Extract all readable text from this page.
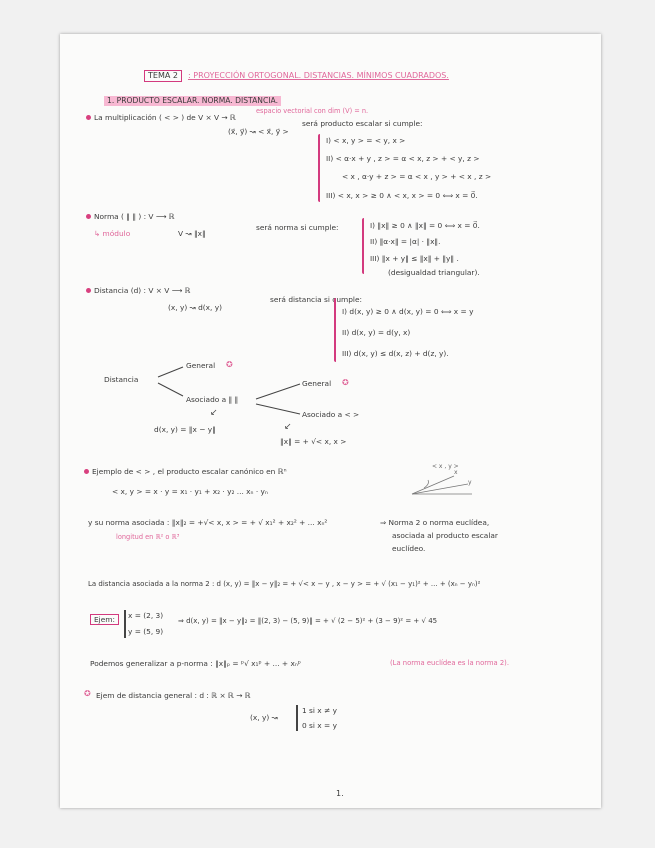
TEMA 2	: PROYECCIÓN ORTOGONAL. DISTANCIAS. MÍNIMOS CUADRADOS.
1. PRODUCTO ESCALAR. NORMA. DISTANCIA.
La multiplicación ( < > ) de V × V → ℝ
espacio vectorial con dim (V) = n.
(x⃗, y⃗) ↝ < x⃗, y⃗ >
será producto escalar si cumple:
I) < x, y > = < y, x >
II) < α·x + y , z > = α < x, z > + < y, z >
< x , α·y + z > = α < x , y > + < x , z >
III) < x, x > ≥ 0 ∧ < x, x > = 0 ⟺ x = 0⃗.
Norma ( ‖ ‖ ) : V ⟶ ℝ
↳ módulo	V ↝ ‖x‖
será norma si cumple:	I) ‖x‖ ≥ 0 ∧ ‖x‖ = 0 ⟺ x = 0⃗.
II) ‖α·x‖ = |α| · ‖x‖.
III) ‖x + y‖ ≤ ‖x‖ + ‖y‖ .
(desigualdad triangular).
Distancia (d) : V × V ⟶ ℝ
(x, y) ↝ d(x, y)
será distancia si cumple:
I) d(x, y) ≥ 0 ∧ d(x, y) = 0 ⟺ x = y
II) d(x, y) = d(y, x)
III) d(x, y) ≤ d(x, z) + d(z, y).
Distancia
General ✪
Asociado a ‖ ‖
↙
d(x, y) = ‖x − y‖
General ✪
Asociado a < >
↙
‖x‖ = + √< x, x >
Ejemplo de < > , el producto escalar canónico en ℝⁿ
< x, y > = x · y = x₁ · y₁ + x₂ · y₂ ... xₙ · yₙ
< x , y >
x
y
y su norma asociada : ‖x‖₂ = +√< x, x > = + √ x₁² + x₂² + ... xₙ²
longitud en ℝ² o ℝ³
⇒ Norma 2 o norma euclídea,
asociada al producto escalar
euclídeo.
La distancia asociada a la norma 2 : d (x, y) = ‖x − y‖₂ = + √< x − y , x − y > = + √ (x₁ − y₁)² + ... + (xₙ − yₙ)²
Ejem:	x = (2, 3)
y = (5, 9)
⇒ d(x, y) = ‖x − y‖₂ = ‖(2, 3) − (5, 9)‖ = + √ (2 − 5)² + (3 − 9)² = + √ 45
Podemos generalizar a p-norma : ‖x‖ₚ = ᵖ√ x₁ᵖ + ... + xₙᵖ	(La norma euclídea es la norma 2).
✪ Ejem de distancia general : d : ℝ × ℝ → ℝ
(x, y) ↝
1 si x ≠ y
0 si x = y
1.
